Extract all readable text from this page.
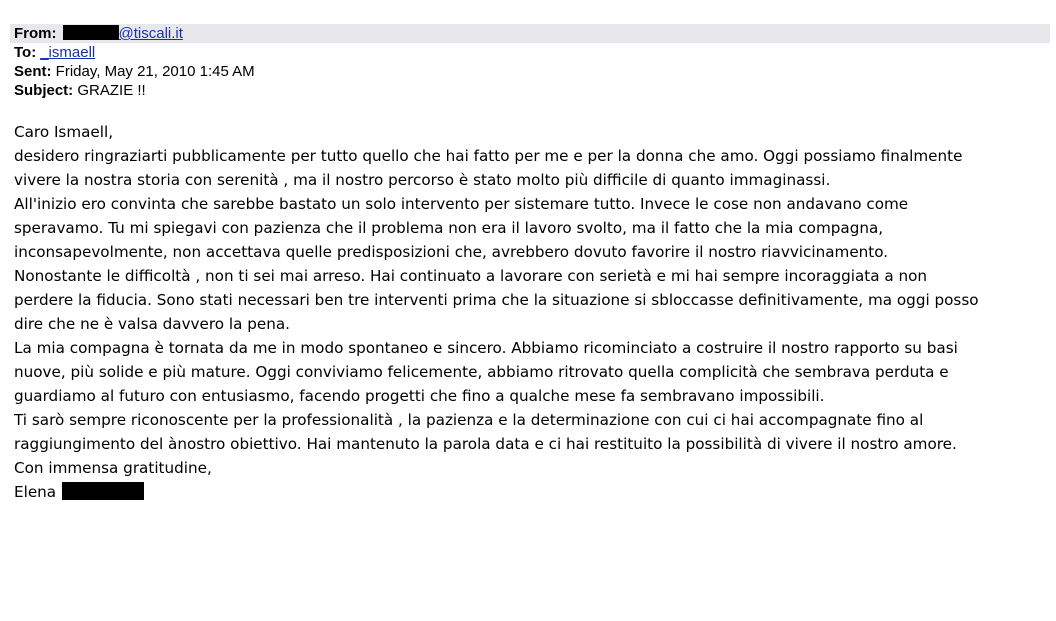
From:	@tiscali.it
To: _ismaell
Sent: Friday, May 21, 2010 1:45 AM
Subject: GRAZIE !!
Caro Ismaell,
desidero ringraziarti pubblicamente per tutto quello che hai fatto per me e per la donna che amo. Oggi possiamo finalmente
vivere la nostra storia con serenità , ma il nostro percorso è stato molto più difficile di quanto immaginassi.
All'inizio ero convinta che sarebbe bastato un solo intervento per sistemare tutto. Invece le cose non andavano come
speravamo. Tu mi spiegavi con pazienza che il problema non era il lavoro svolto, ma il fatto che la mia compagna,
inconsapevolmente, non accettava quelle predisposizioni che, avrebbero dovuto favorire il nostro riavvicinamento.
Nonostante le difficoltà , non ti sei mai arreso. Hai continuato a lavorare con serietà e mi hai sempre incoraggiata a non
perdere la fiducia. Sono stati necessari ben tre interventi prima che la situazione si sbloccasse definitivamente, ma oggi posso
dire che ne è valsa davvero la pena.
La mia compagna è tornata da me in modo spontaneo e sincero. Abbiamo ricominciato a costruire il nostro rapporto su basi
nuove, più solide e più mature. Oggi conviviamo felicemente, abbiamo ritrovato quella complicità che sembrava perduta e
guardiamo al futuro con entusiasmo, facendo progetti che fino a qualche mese fa sembravano impossibili.
Ti sarò sempre riconoscente per la professionalità , la pazienza e la determinazione con cui ci hai accompagnate fino al
raggiungimento del ànostro obiettivo. Hai mantenuto la parola data e ci hai restituito la possibilità di vivere il nostro amore.
Con immensa gratitudine,
Elena
